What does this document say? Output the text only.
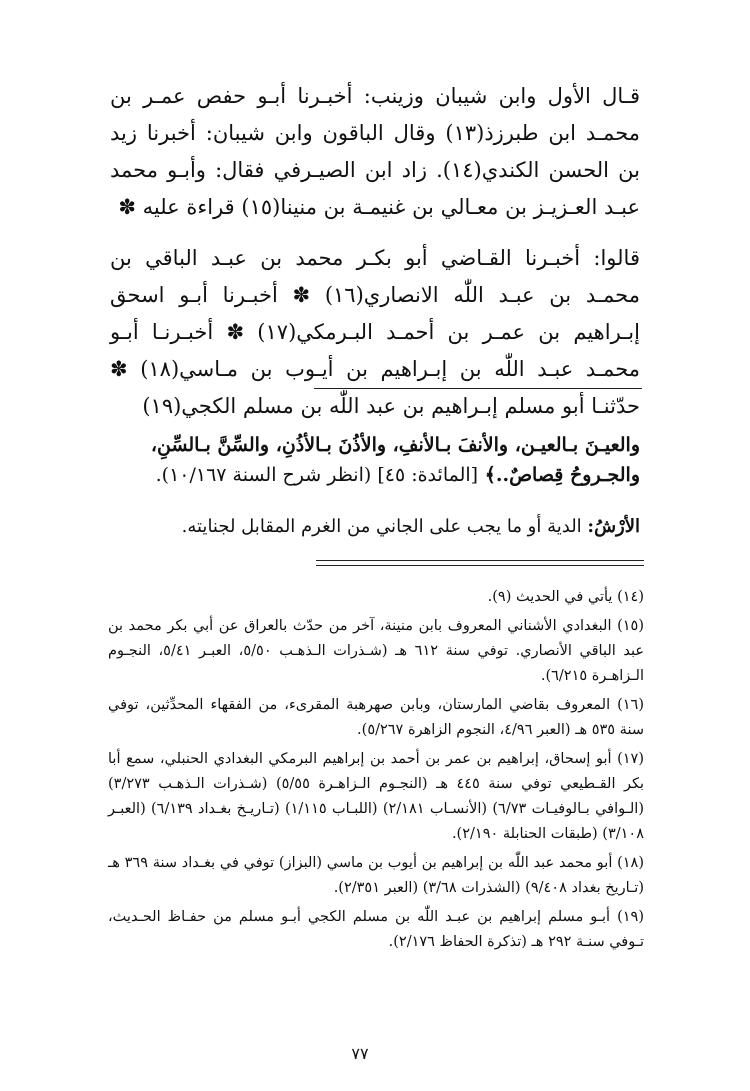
قـال الأول وابن شيبان وزينب: أخبـرنا أبـو حفص عمـر بن محمـد ابن طبرزذ(١٣) وقال الباقون وابن شيبان: أخبرنا زيد بن الحسن الكندي(١٤). زاد ابن الصيـرفي فقال: وأبـو محمد عبـد العـزيـز بن معـالي بن غنيمـة بن منينا(١٥) قراءة عليه ✽

قالوا: أخبـرنا القـاضي أبو بكـر محمد بن عبـد الباقي بن محمـد بن عبـد اللّٰه الانصاري(١٦) ✽ أخبـرنا أبـو اسحق إبـراهيم بن عمـر بن أحمـد البـرمكي(١٧) ✽ أخبـرنـا أبـو محمـد عبـد اللّٰه بن إبـراهيم بن أيـوب بن مـاسي(١٨) ✽ حدّثنـا أبو مسلم إبـراهيم بن عبد اللّٰه بن مسلم الكجي(١٩)

والعيـنَ بـالعيـن، والأنفَ بـالأنفِ، والأذُنَ بـالأذُنِ، والسِّنَّ بـالسِّنِ، والجـروحُ قِصاصٌ..﴾ [المائدة: ٤٥] (انظر شرح السنة ١٠/١٦٧).
الأرْشُ: الدية أو ما يجب على الجاني من الغرم المقابل لجنايته.

(١٤) يأتي في الحديث (٩).

(١٥) البغدادي الأشناني المعروف بابن منينة، آخر من حدّث بالعراق عن أبي بكر محمد بن عبد الباقي الأنصاري. توفي سنة ٦١٢ هـ (شـذرات الـذهـب ٥/٥٠، العبـر ٥/٤١، النجـوم الـزاهـرة ٦/٢١٥).

(١٦) المعروف بقاضي المارستان، وبابن صهرهبة المقرىء، من الفقهاء المحدِّثين، توفي سنة ٥٣٥ هـ (العبر ٤/٩٦، النجوم الزاهرة ٥/٢٦٧).

(١٧) أبو إسحاق، إبراهيم بن عمر بن أحمد بن إبراهيم البرمكي البغدادي الحنبلي، سمع أبا بكر القـطيعي توفي سنة ٤٤٥ هـ (النجـوم الـزاهـرة ٥/٥٥) (شـذرات الـذهـب ٣/٢٧٣) (الـوافي بـالوفيـات ٦/٧٣) (الأنسـاب ٢/١٨١) (اللبـاب ١/١١٥) (تـاريـخ بغـداد ٦/١٣٩) (العبـر ٣/١٠٨) (طبقات الحنابلة ٢/١٩٠).

(١٨) أبو محمد عبد اللّٰه بن إبراهيم بن أيوب بن ماسي (البزاز) توفي في بغـداد سنة ٣٦٩ هـ (تـاريخ بغداد ٩/٤٠٨) (الشذرات ٣/٦٨) (العبر ٢/٣٥١).

(١٩) أبـو مسلم إبراهيم بن عبـد اللّٰه بن مسلم الكجي أبـو مسلم من حفـاظ الحـديث، تـوفي سنـة ٢٩٢ هـ (تذكرة الحفاظ ٢/١٧٦).

٧٧
